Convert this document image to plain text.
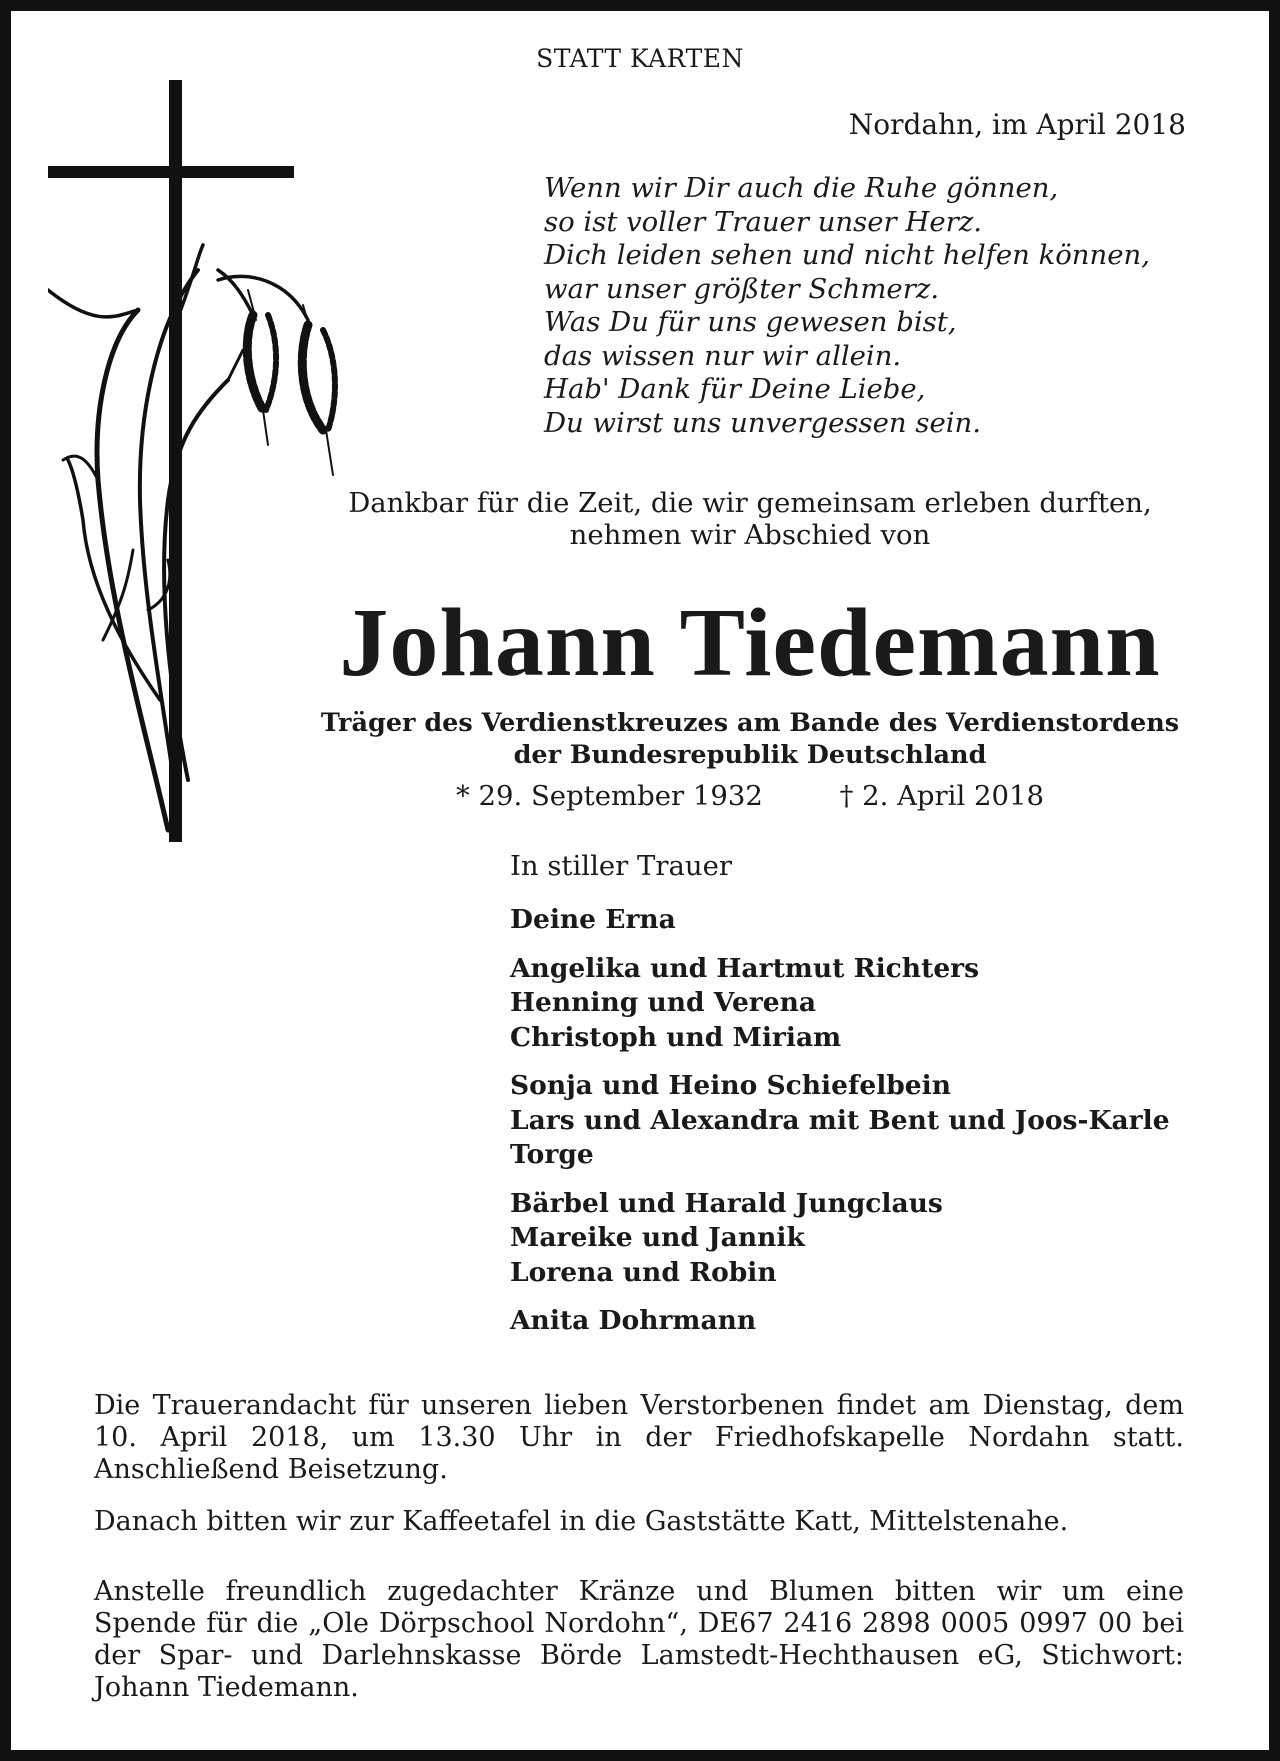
STATT KARTEN
Nordahn, im April 2018
Wenn wir Dir auch die Ruhe gönnen,
so ist voller Trauer unser Herz.
Dich leiden sehen und nicht helfen können,
war unser größter Schmerz.
Was Du für uns gewesen bist,
das wissen nur wir allein.
Hab' Dank für Deine Liebe,
Du wirst uns unvergessen sein.
Dankbar für die Zeit, die wir gemeinsam erleben durften,
nehmen wir Abschied von
Johann Tiedemann
Träger des Verdienstkreuzes am Bande des Verdienstordens
der Bundesrepublik Deutschland
* 29. September 1932	† 2. April 2018
In stiller Trauer
Deine Erna
Angelika und Hartmut Richters
Henning und Verena
Christoph und Miriam
Sonja und Heino Schiefelbein
Lars und Alexandra mit Bent und Joos-Karle
Torge
Bärbel und Harald Jungclaus
Mareike und Jannik
Lorena und Robin
Anita Dohrmann
Die Trauerandacht für unseren lieben Verstorbenen findet am Dienstag, dem 10. April 2018, um 13.30 Uhr in der Friedhofskapelle Nordahn statt. Anschließend Beisetzung.
Danach bitten wir zur Kaffeetafel in die Gaststätte Katt, Mittelstenahe.
Anstelle freundlich zugedachter Kränze und Blumen bitten wir um eine Spende für die „Ole Dörpschool Nordohn“, DE67 2416 2898 0005 0997 00 bei der Spar- und Darlehnskasse Börde Lamstedt-Hechthausen eG, Stichwort: Johann Tiedemann.
